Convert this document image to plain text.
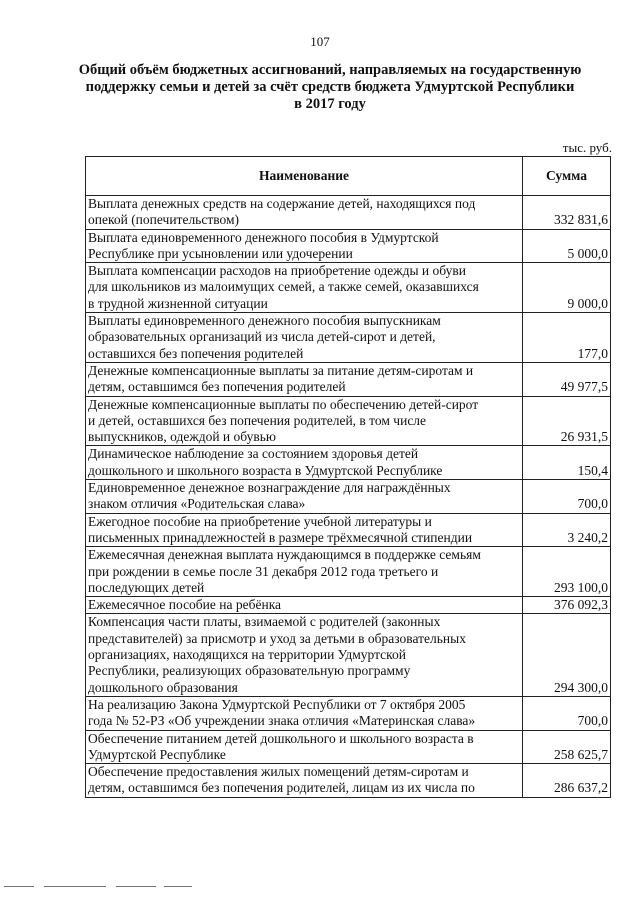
107
Общий объём бюджетных ассигнований, направляемых на государственную
поддержку семьи и детей за счёт средств бюджета Удмуртской Республики
в 2017 году
тыс. руб.
Наименование	Сумма

Выплата денежных средств на содержание детей, находящихся под
опекой (попечительством)	332 831,6

Выплата единовременного денежного пособия в Удмуртской
Республике при усыновлении или удочерении	5 000,0

Выплата компенсации расходов на приобретение одежды и обуви
для школьников из малоимущих семей, а также семей, оказавшихся
в трудной жизненной ситуации	9 000,0

Выплаты единовременного денежного пособия выпускникам
образовательных организаций из числа детей-сирот и детей,
оставшихся без попечения родителей	177,0

Денежные компенсационные выплаты за питание детям-сиротам и
детям, оставшимся без попечения родителей	49 977,5

Денежные компенсационные выплаты по обеспечению детей-сирот
и детей, оставшихся без попечения родителей, в том числе
выпускников, одеждой и обувью	26 931,5

Динамическое наблюдение за состоянием здоровья детей
дошкольного и школьного возраста в Удмуртской Республике	150,4

Единовременное денежное вознаграждение для награждённых
знаком отличия «Родительская слава»	700,0

Ежегодное пособие на приобретение учебной литературы и
письменных принадлежностей в размере трёхмесячной стипендии	3 240,2

Ежемесячная денежная выплата нуждающимся в поддержке семьям
при рождении в семье после 31 декабря 2012 года третьего и
последующих детей	293 100,0

Ежемесячное пособие на ребёнка	376 092,3

Компенсация части платы, взимаемой с родителей (законных
представителей) за присмотр и уход за детьми в образовательных
организациях, находящихся на территории Удмуртской
Республики, реализующих образовательную программу
дошкольного образования	294 300,0

На реализацию Закона Удмуртской Республики от 7 октября 2005
года № 52-РЗ «Об учреждении знака отличия «Материнская слава»	700,0

Обеспечение питанием детей дошкольного и школьного возраста в
Удмуртской Республике	258 625,7

Обеспечение предоставления жилых помещений детям-сиротам и
детям, оставшимся без попечения родителей, лицам из их числа по	286 637,2
